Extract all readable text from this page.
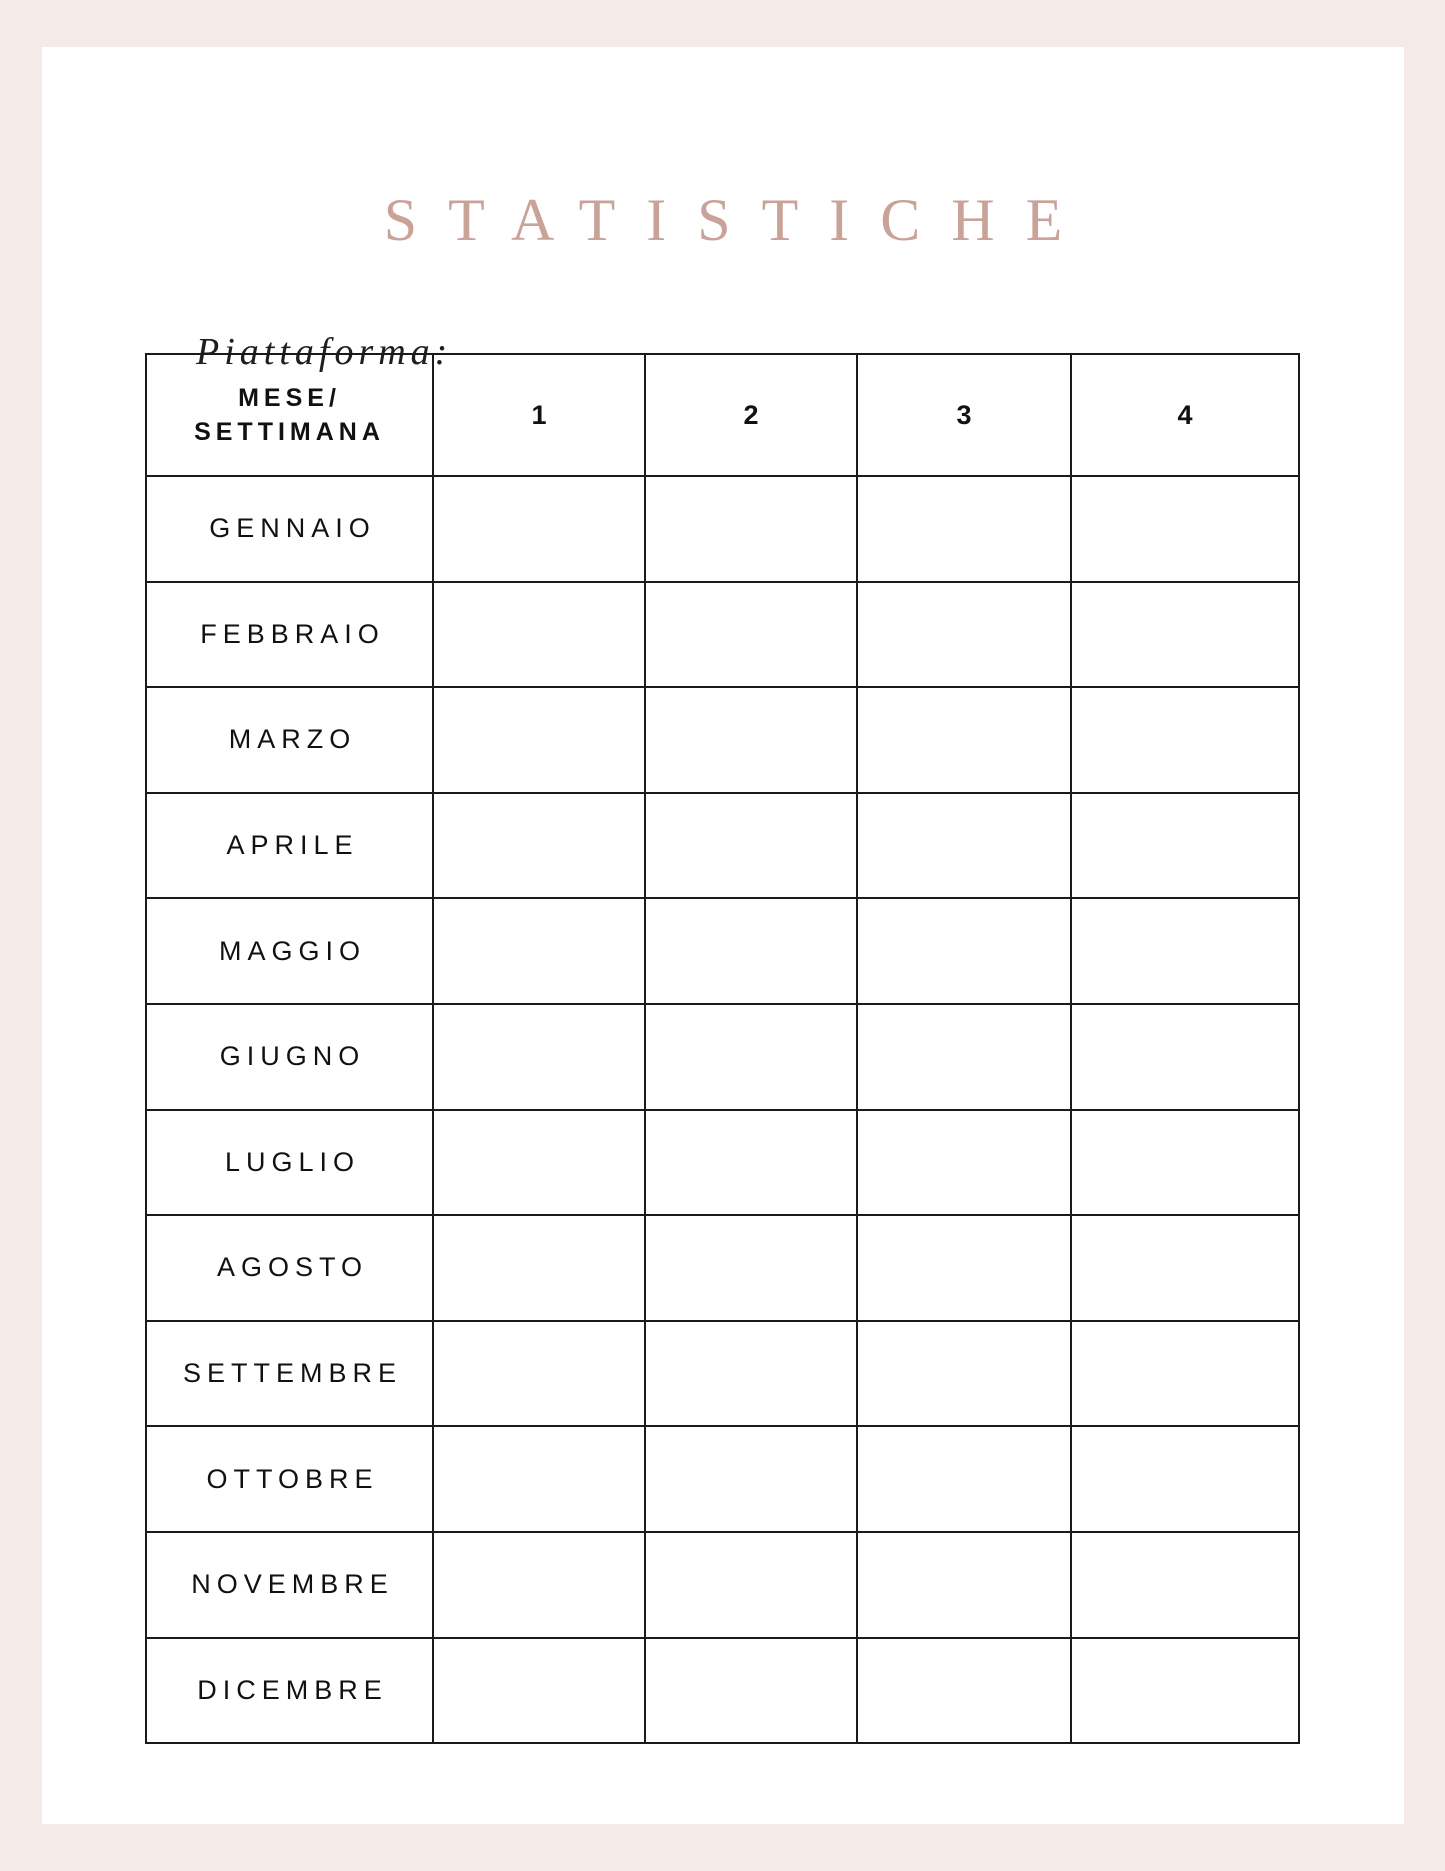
STATISTICHE
Piattaforma:
MESE/
SETTIMANA	1	2	3	4
GENNAIO				
FEBBRAIO				
MARZO				
APRILE				
MAGGIO				
GIUGNO				
LUGLIO				
AGOSTO				
SETTEMBRE				
OTTOBRE				
NOVEMBRE				
DICEMBRE				
